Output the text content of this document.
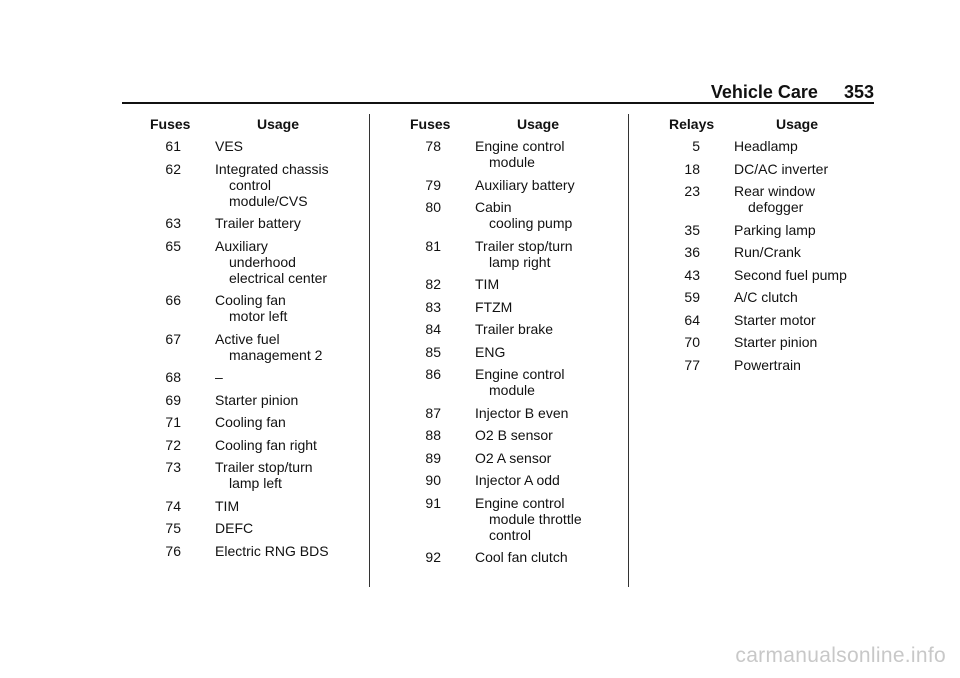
Vehicle Care 353
Fuses	Usage
61	VES
62	Integrated chassis
control
module/CVS
63	Trailer battery
65	Auxiliary
underhood
electrical center
66	Cooling fan
motor left
67	Active fuel
management 2
68	–
69	Starter pinion
71	Cooling fan
72	Cooling fan right
73	Trailer stop/turn
lamp left
74	TIM
75	DEFC
76	Electric RNG BDS
Fuses	Usage
78	Engine control
module
79	Auxiliary battery
80	Cabin
cooling pump
81	Trailer stop/turn
lamp right
82	TIM
83	FTZM
84	Trailer brake
85	ENG
86	Engine control
module
87	Injector B even
88	O2 B sensor
89	O2 A sensor
90	Injector A odd
91	Engine control
module throttle
control
92	Cool fan clutch
Relays	Usage
5	Headlamp
18	DC/AC inverter
23	Rear window
defogger
35	Parking lamp
36	Run/Crank
43	Second fuel pump
59	A/C clutch
64	Starter motor
70	Starter pinion
77	Powertrain
carmanualsonline.info
